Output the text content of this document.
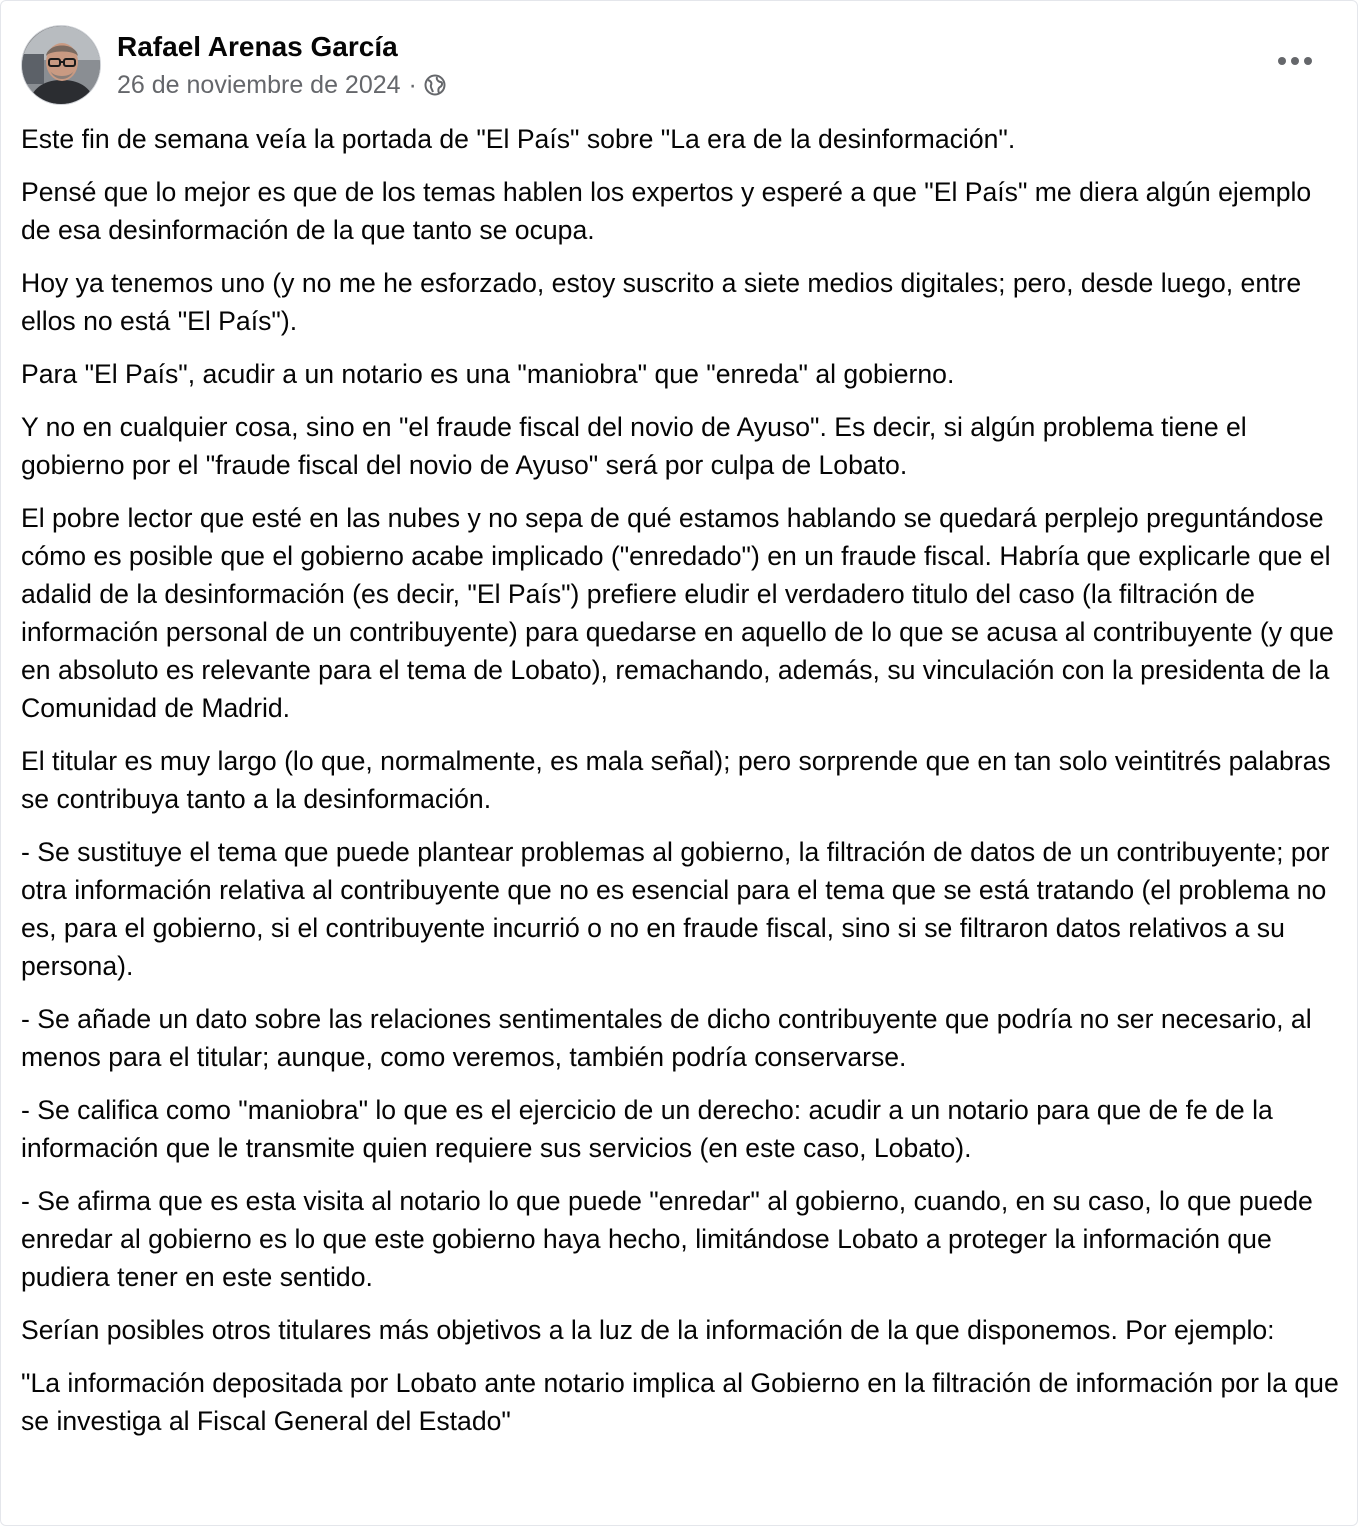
Rafael Arenas García
26 de noviembre de 2024 ·

Este fin de semana veía la portada de "El País" sobre "La era de la desinformación".

Pensé que lo mejor es que de los temas hablen los expertos y esperé a que "El País" me diera algún ejemplo de esa desinformación de la que tanto se ocupa.

Hoy ya tenemos uno (y no me he esforzado, estoy suscrito a siete medios digitales; pero, desde luego, entre ellos no está "El País").

Para "El País", acudir a un notario es una "maniobra" que "enreda" al gobierno.

Y no en cualquier cosa, sino en "el fraude fiscal del novio de Ayuso". Es decir, si algún problema tiene el gobierno por el "fraude fiscal del novio de Ayuso" será por culpa de Lobato.

El pobre lector que esté en las nubes y no sepa de qué estamos hablando se quedará perplejo preguntándose cómo es posible que el gobierno acabe implicado ("enredado") en un fraude fiscal. Habría que explicarle que el adalid de la desinformación (es decir, "El País") prefiere eludir el verdadero titulo del caso (la filtración de información personal de un contribuyente) para quedarse en aquello de lo que se acusa al contribuyente (y que en absoluto es relevante para el tema de Lobato), remachando, además, su vinculación con la presidenta de la Comunidad de Madrid.

El titular es muy largo (lo que, normalmente, es mala señal); pero sorprende que en tan solo veintitrés palabras se contribuya tanto a la desinformación.

- Se sustituye el tema que puede plantear problemas al gobierno, la filtración de datos de un contribuyente; por otra información relativa al contribuyente que no es esencial para el tema que se está tratando (el problema no es, para el gobierno, si el contribuyente incurrió o no en fraude fiscal, sino si se filtraron datos relativos a su persona).

- Se añade un dato sobre las relaciones sentimentales de dicho contribuyente que podría no ser necesario, al menos para el titular; aunque, como veremos, también podría conservarse.

- Se califica como "maniobra" lo que es el ejercicio de un derecho: acudir a un notario para que de fe de la información que le transmite quien requiere sus servicios (en este caso, Lobato).

- Se afirma que es esta visita al notario lo que puede "enredar" al gobierno, cuando, en su caso, lo que puede enredar al gobierno es lo que este gobierno haya hecho, limitándose Lobato a proteger la información que pudiera tener en este sentido.

Serían posibles otros titulares más objetivos a la luz de la información de la que disponemos. Por ejemplo:

"La información depositada por Lobato ante notario implica al Gobierno en la filtración de información por la que se investiga al Fiscal General del Estado"
